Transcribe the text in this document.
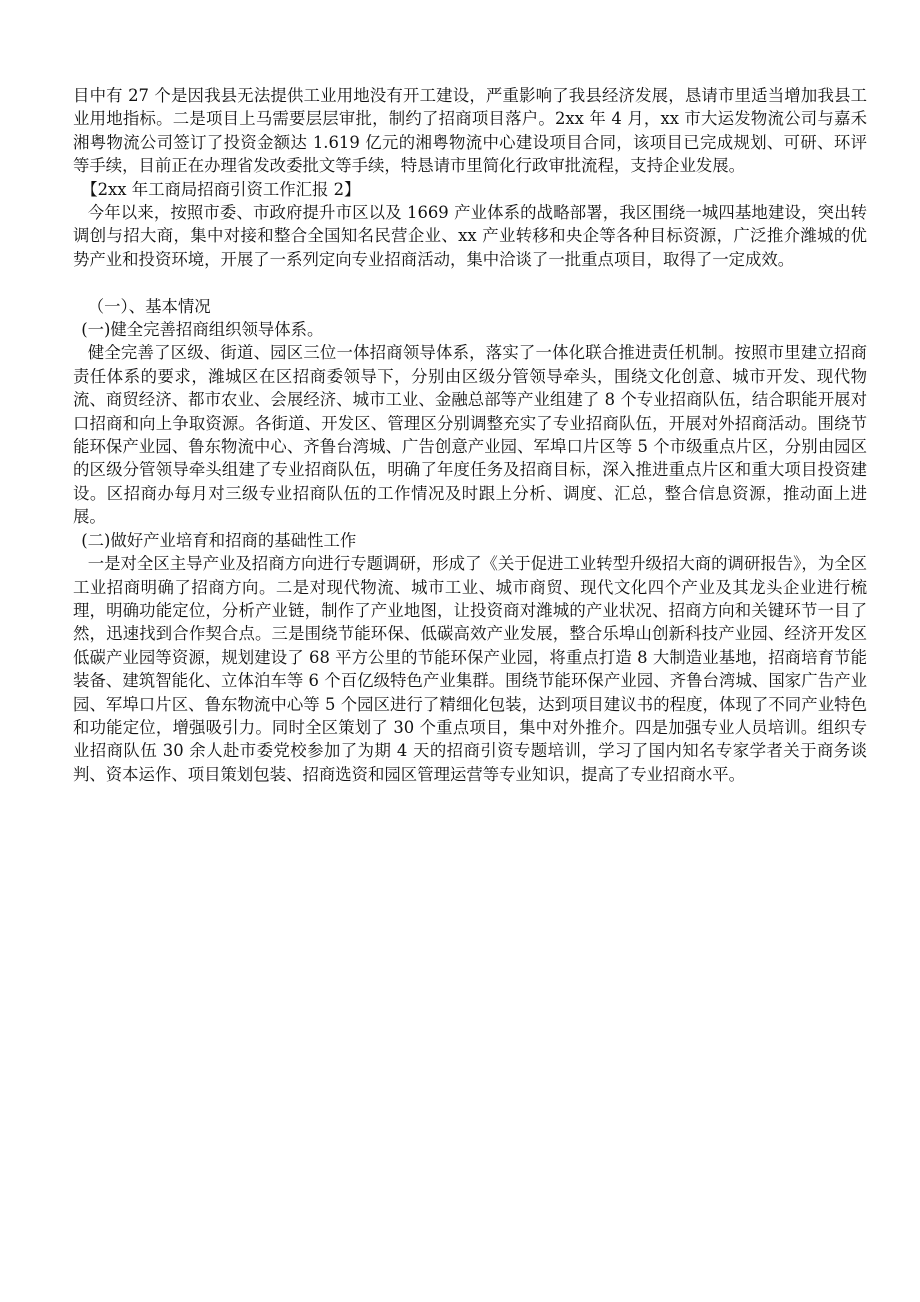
目中有 27 个是因我县无法提供工业用地没有开工建设，严重影响了我县经济发展，恳请市里适当增加我县工业用地指标。二是项目上马需要层层审批，制约了招商项目落户。2xx 年 4 月，xx 市大运发物流公司与嘉禾湘粤物流公司签订了投资金额达 1.619 亿元的湘粤物流中心建设项目合同，该项目已完成规划、可研、环评等手续，目前正在办理省发改委批文等手续，特恳请市里简化行政审批流程，支持企业发展。

【2xx 年工商局招商引资工作汇报 2】

今年以来，按照市委、市政府提升市区以及 1669 产业体系的战略部署，我区围绕一城四基地建设，突出转调创与招大商，集中对接和整合全国知名民营企业、xx 产业转移和央企等各种目标资源，广泛推介潍城的优势产业和投资环境，开展了一系列定向专业招商活动，集中洽谈了一批重点项目，取得了一定成效。

（一）、基本情况

(一)健全完善招商组织领导体系。

健全完善了区级、街道、园区三位一体招商领导体系，落实了一体化联合推进责任机制。按照市里建立招商责任体系的要求，潍城区在区招商委领导下，分别由区级分管领导牵头，围绕文化创意、城市开发、现代物流、商贸经济、都市农业、会展经济、城市工业、金融总部等产业组建了 8 个专业招商队伍，结合职能开展对口招商和向上争取资源。各街道、开发区、管理区分别调整充实了专业招商队伍，开展对外招商活动。围绕节能环保产业园、鲁东物流中心、齐鲁台湾城、广告创意产业园、军埠口片区等 5 个市级重点片区，分别由园区的区级分管领导牵头组建了专业招商队伍，明确了年度任务及招商目标，深入推进重点片区和重大项目投资建设。区招商办每月对三级专业招商队伍的工作情况及时跟上分析、调度、汇总，整合信息资源，推动面上进展。

(二)做好产业培育和招商的基础性工作

一是对全区主导产业及招商方向进行专题调研，形成了《关于促进工业转型升级招大商的调研报告》，为全区工业招商明确了招商方向。二是对现代物流、城市工业、城市商贸、现代文化四个产业及其龙头企业进行梳理，明确功能定位，分析产业链，制作了产业地图，让投资商对潍城的产业状况、招商方向和关键环节一目了然，迅速找到合作契合点。三是围绕节能环保、低碳高效产业发展，整合乐埠山创新科技产业园、经济开发区低碳产业园等资源，规划建设了 68 平方公里的节能环保产业园，将重点打造 8 大制造业基地，招商培育节能装备、建筑智能化、立体泊车等 6 个百亿级特色产业集群。围绕节能环保产业园、齐鲁台湾城、国家广告产业园、军埠口片区、鲁东物流中心等 5 个园区进行了精细化包装，达到项目建议书的程度，体现了不同产业特色和功能定位，增强吸引力。同时全区策划了 30 个重点项目，集中对外推介。四是加强专业人员培训。组织专业招商队伍 30 余人赴市委党校参加了为期 4 天的招商引资专题培训，学习了国内知名专家学者关于商务谈判、资本运作、项目策划包装、招商选资和园区管理运营等专业知识，提高了专业招商水平。
